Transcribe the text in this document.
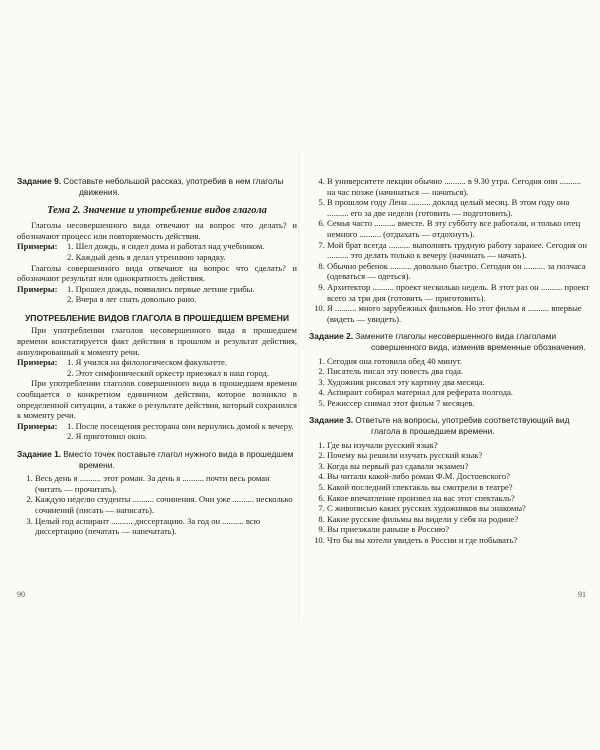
Задание 9. Составьте небольшой рассказ, употребив в нем глаголы движения.
Тема 2. Значение и употребление видов глагола

Глаголы несовершенного вида отвечают на вопрос что делать? и обозначают процесс или повторяемость действия.

Примеры: 1. Шел дождь, я сидел дома и работал над учебником.
2. Каждый день я делал утреннюю зарядку.

Глаголы совершенного вида отвечают на вопрос что сделать? и обозначают результат или однократность действия.

Примеры: 1. Прошел дождь, появились первые летние грибы.
2. Вчера я лег спать довольно рано.
УПОТРЕБЛЕНИЕ ВИДОВ ГЛАГОЛА В ПРОШЕДШЕМ ВРЕМЕНИ

При употреблении глаголов несовершенного вида в прошедшем времени констатируется факт действия в прошлом и результат действия, аннулированный к моменту речи.

Примеры: 1. Я учился на филологическом факультете.
2. Этот симфонический оркестр приезжал в наш город.

При употреблении глаголов совершенного вида в прошедшем времени сообщается о конкретном единичном действии, которое возникло в определенной ситуации, а также о результате действия, который сохранился к моменту речи.

Примеры: 1. После посещения ресторана они вернулись домой к вечеру.
2. Я приготовил окно.
Задание 1. Вместо точек поставьте глагол нужного вида в прошедшем времени.
1. Весь день я .......... этот роман. За день я .......... почти весь роман (читать — прочитать).
2. Каждую неделю студенты .......... сочинения. Они уже .......... несколько сочинений (писать — написать).
3. Целый год аспирант .......... диссертацию. За год он .......... всю диссертацию (печатать — напечатать).
4. В университете лекции обычно .......... в 9.30 утра. Сегодня они .......... на час позже (начинаться — начаться).
5. В прошлом году Лена .......... доклад целый месяц. В этом году она .......... его за две недели (готовить — подготовить).
6. Семья часто .......... вместе. В эту субботу все работали, и только отец немного .......... (отдыхать — отдохнуть).
7. Мой брат всегда .......... выполнять трудную работу заранее. Сегодня он .......... это делать только к вечеру (начинать — начать).
8. Обычно ребенок .......... довольно быстро. Сегодня он .......... за полчаса (одеваться — одеться).
9. Архитектор .......... проект несколько недель. В этот раз он .......... проект всего за три дня (готовить — приготовить).
10. Я .......... много зарубежных фильмов. Но этот фильм я .......... впервые (видеть — увидеть).
Задание 2. Замените глаголы несовершенного вида глаголами совершенного вида, изменив временные обозначения.
1. Сегодня она готовила обед 40 минут.
2. Писатель писал эту повесть два года.
3. Художник рисовал эту картину два месяца.
4. Аспирант собирал материал для реферата полгода.
5. Режиссер снимал этот фильм 7 месяцев.
Задание 3. Ответьте на вопросы, употребив соответствующий вид глагола в прошедшем времени.
1. Где вы изучали русский язык?
2. Почему вы решили изучать русский язык?
3. Когда вы первый раз сдавали экзамен?
4. Вы читали какой-либо роман Ф.М. Достоевского?
5. Какой последний спектакль вы смотрели в театре?
6. Какое впечатление произвел на вас этот спектакль?
7. С живописью каких русских художников вы знакомы?
8. Какие русские фильмы вы видели у себя на родине?
9. Вы приезжали раньше в Россию?
10. Что бы вы хотели увидеть в России и где побывать?
90	91
